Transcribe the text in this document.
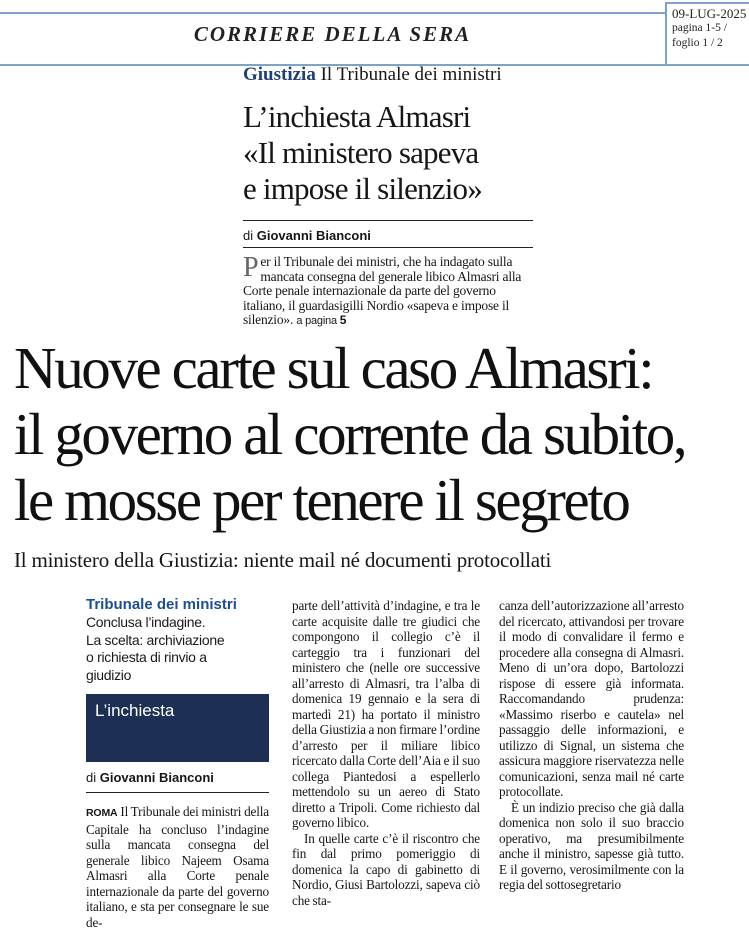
CORRIERE DELLA SERA
09-LUG-2025
pagina 1-5 /
foglio 1 / 2
Giustizia Il Tribunale dei ministri
L’inchiesta Almasri
«Il ministero sapeva
e impose il silenzio»
di Giovanni Bianconi
Per il Tribunale dei ministri, che ha indagato sulla mancata consegna del generale libico Almasri alla Corte penale internazionale da parte del governo italiano, il guardasigilli Nordio «sapeva e impose il silenzio». a pagina 5
Nuove carte sul caso Almasri:
il governo al corrente da subito,
le mosse per tenere il segreto
Il ministero della Giustizia: niente mail né documenti protocollati
Tribunale dei ministri
Conclusa l’indagine.
La scelta: archiviazione
o richiesta di rinvio a
giudizio
L’inchiesta
di Giovanni Bianconi

ROMA Il Tribunale dei ministri della Capitale ha concluso l’indagine sulla mancata consegna del generale libico Najeem Osama Almasri alla Corte penale internazionale da parte del governo italiano, e sta per consegnare le sue de-

parte dell’attività d’indagine, e tra le carte acquisite dalle tre giudici che compongono il collegio c’è il carteggio tra i funzionari del ministero che (nelle ore successive all’arresto di Almasri, tra l’alba di domenica 19 gennaio e la sera di martedì 21) ha portato il ministro della Giustizia a non firmare l’ordine d’arresto per il miliare libico ricercato dalla Corte dell’Aia e il suo collega Piantedosi a espellerlo mettendolo su un aereo di Stato diretto a Tripoli. Come richiesto dal governo libico.

In quelle carte c’è il riscontro che fin dal primo pomeriggio di domenica la capo di gabinetto di Nordio, Giusi Bartolozzi, sapeva ciò che sta-

canza dell’autorizzazione all’arresto del ricercato, attivandosi per trovare il modo di convalidare il fermo e procedere alla consegna di Almasri. Meno di un’ora dopo, Bartolozzi rispose di essere già informata. Raccomandando prudenza: «Massimo riserbo e cautela» nel passaggio delle informazioni, e utilizzo di Signal, un sistema che assicura maggiore riservatezza nelle comunicazioni, senza mail né carte protocollate.

È un indizio preciso che già dalla domenica non solo il suo braccio operativo, ma presumibilmente anche il ministro, sapesse già tutto. E il governo, verosimilmente con la regia del sottosegretario
